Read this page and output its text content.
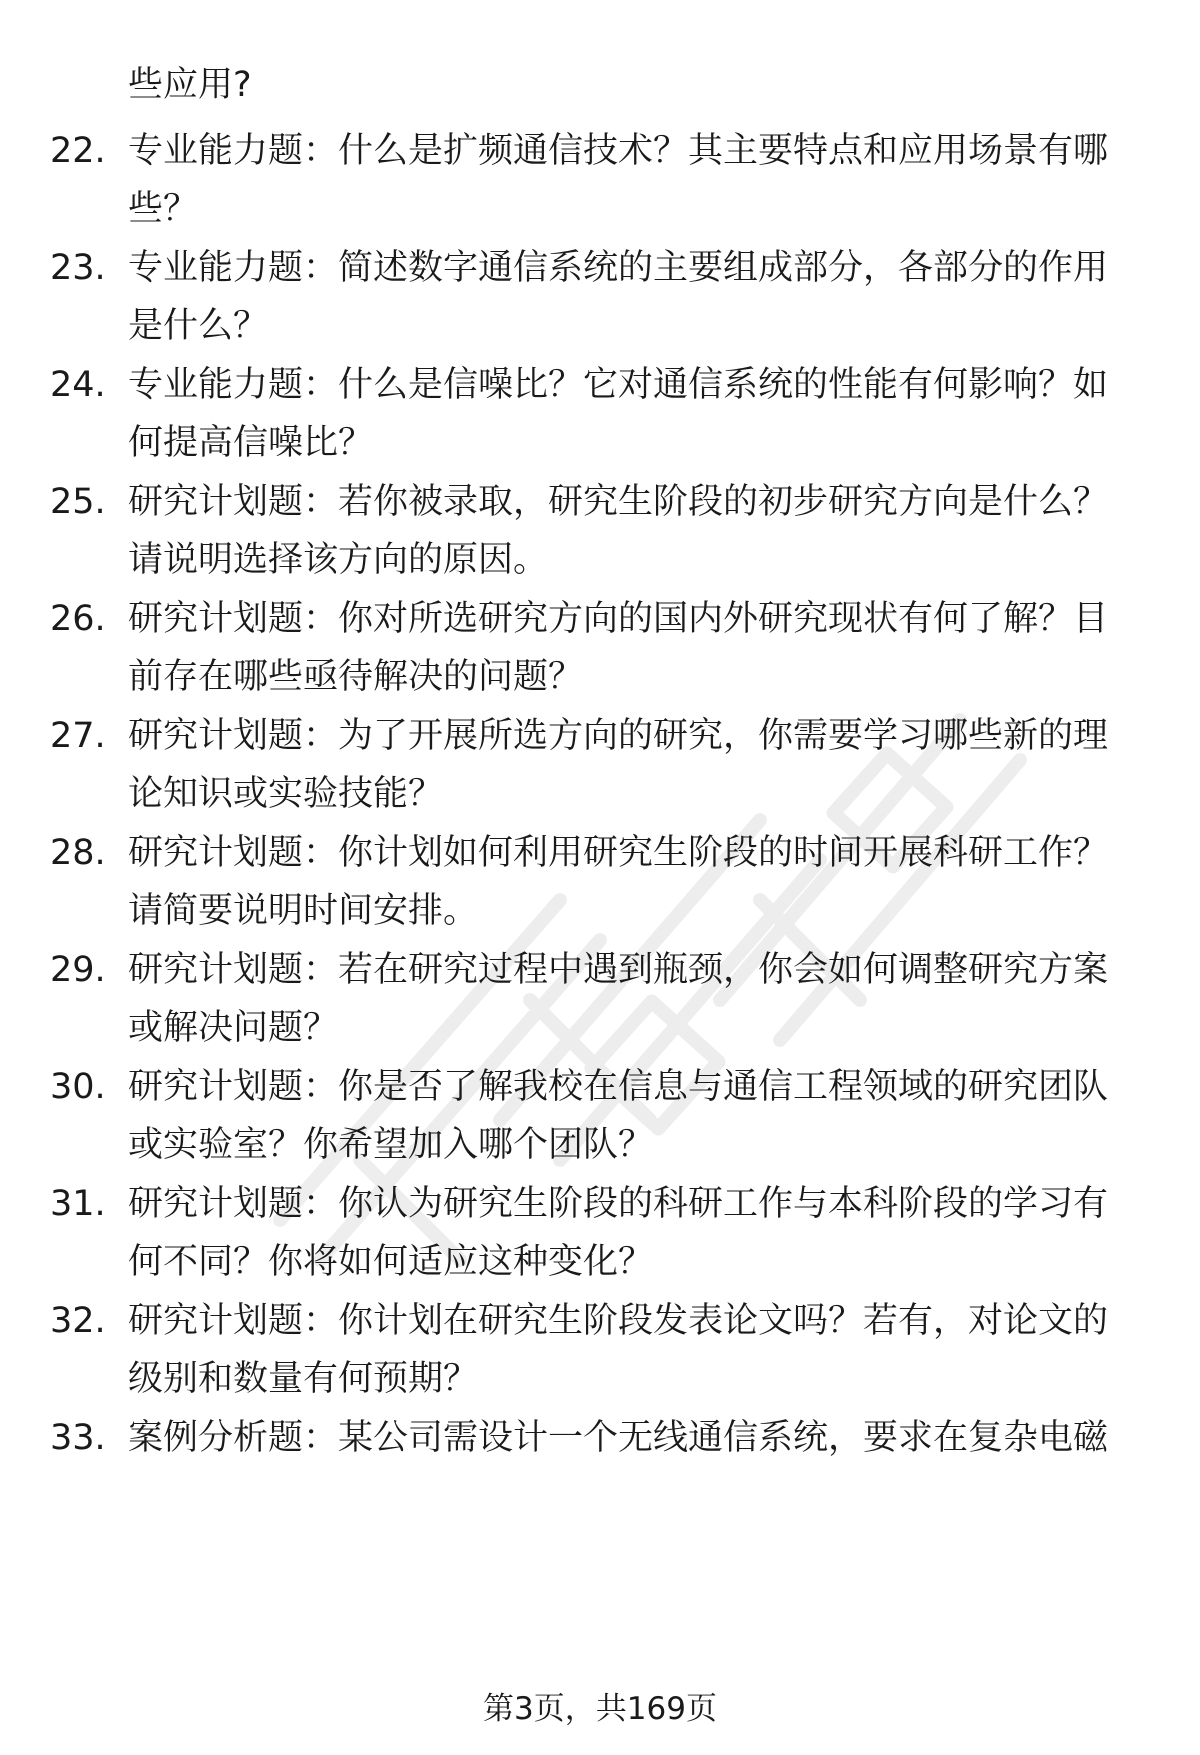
些应用?
22. 专业能力题：什么是扩频通信技术？其主要特点和应用场景有哪
些？
23. 专业能力题：简述数字通信系统的主要组成部分，各部分的作用
是什么？
24. 专业能力题：什么是信噪比？它对通信系统的性能有何影响？如
何提高信噪比？
25. 研究计划题：若你被录取，研究生阶段的初步研究方向是什么？
请说明选择该方向的原因。
26. 研究计划题：你对所选研究方向的国内外研究现状有何了解？目
前存在哪些亟待解决的问题？
27. 研究计划题：为了开展所选方向的研究，你需要学习哪些新的理
论知识或实验技能？
28. 研究计划题：你计划如何利用研究生阶段的时间开展科研工作？
请简要说明时间安排。
29. 研究计划题：若在研究过程中遇到瓶颈，你会如何调整研究方案
或解决问题？
30. 研究计划题：你是否了解我校在信息与通信工程领域的研究团队
或实验室？你希望加入哪个团队？
31. 研究计划题：你认为研究生阶段的科研工作与本科阶段的学习有
何不同？你将如何适应这种变化？
32. 研究计划题：你计划在研究生阶段发表论文吗？若有，对论文的
级别和数量有何预期？
33. 案例分析题：某公司需设计一个无线通信系统，要求在复杂电磁
第3页，共169页
